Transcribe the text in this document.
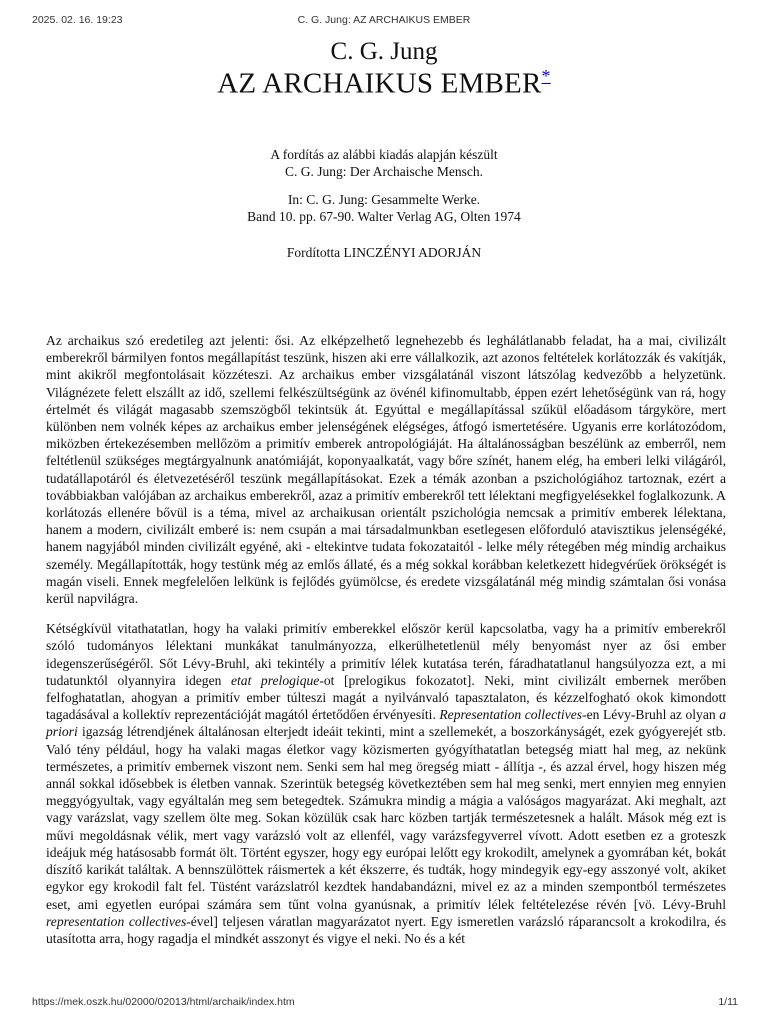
2025. 02. 16. 19:23	C. G. Jung: AZ ARCHAIKUS EMBER
C. G. Jung
AZ ARCHAIKUS EMBER*
A fordítás az alábbi kiadás alapján készült
C. G. Jung: Der Archaische Mensch.
In: C. G. Jung: Gesammelte Werke.
Band 10. pp. 67-90. Walter Verlag AG, Olten 1974
Fordította LINCZÉNYI ADORJÁN

Az archaikus szó eredetileg azt jelenti: ősi. Az elképzelhető legnehezebb és leghálátlanabb feladat, ha a mai, civilizált emberekről bármilyen fontos megállapítást teszünk, hiszen aki erre vállalkozik, azt azonos feltételek korlátozzák és vakítják, mint akikről megfontolásait közzéteszi. Az archaikus ember vizsgálatánál viszont látszólag kedvezőbb a helyzetünk. Világnézete felett elszállt az idő, szellemi felkészültségünk az övénél kifinomultabb, éppen ezért lehetőségünk van rá, hogy értelmét és világát magasabb szemszögből tekintsük át. Egyúttal e megállapítással szűkül előadásom tárgyköre, mert különben nem volnék képes az archaikus ember jelenségének elégséges, átfogó ismertetésére. Ugyanis erre korlátozódom, miközben értekezésemben mellőzöm a primitív emberek antropológiáját. Ha általánosságban beszélünk az emberről, nem feltétlenül szükséges megtárgyalnunk anatómiáját, koponyaalkatát, vagy bőre színét, hanem elég, ha emberi lelki világáról, tudatállapotáról és életvezetéséről teszünk megállapításokat. Ezek a témák azonban a pszichológiához tartoznak, ezért a továbbiakban valójában az archaikus emberekről, azaz a primitív emberekről tett lélektani megfigyelésekkel foglalkozunk. A korlátozás ellenére bővül is a téma, mivel az archaikusan orientált pszichológia nemcsak a primitív emberek lélektana, hanem a modern, civilizált emberé is: nem csupán a mai társadalmunkban esetlegesen előforduló atavisztikus jelenségéké, hanem nagyjából minden civilizált egyéné, aki - eltekintve tudata fokozataitól - lelke mély rétegében még mindig archaikus személy. Megállapították, hogy testünk még az emlős állaté, és a még sokkal korábban keletkezett hidegvérűek örökségét is magán viseli. Ennek megfelelően lelkünk is fejlődés gyümölcse, és eredete vizsgálatánál még mindig számtalan ősi vonása kerül napvilágra.

Kétségkívül vitathatatlan, hogy ha valaki primitív emberekkel először kerül kapcsolatba, vagy ha a primitív emberekről szóló tudományos lélektani munkákat tanulmányozza, elkerülhetetlenül mély benyomást nyer az ősi ember idegenszerűségéről. Sőt Lévy-Bruhl, aki tekintély a primitív lélek kutatása terén, fáradhatatlanul hangsúlyozza ezt, a mi tudatunktól olyannyira idegen etat prelogique-ot [prelogikus fokozatot]. Neki, mint civilizált embernek merőben felfoghatatlan, ahogyan a primitív ember túlteszi magát a nyilvánvaló tapasztalaton, és kézzelfogható okok kimondott tagadásával a kollektív reprezentációját magától értetődően érvényesíti. Representation collectives-en Lévy-Bruhl az olyan a priori igazság létrendjének általánosan elterjedt ideáit tekinti, mint a szellemekét, a boszorkányságét, ezek gyógyerejét stb. Való tény például, hogy ha valaki magas életkor vagy közismerten gyógyíthatatlan betegség miatt hal meg, az nekünk természetes, a primitív embernek viszont nem. Senki sem hal meg öregség miatt - állítja -, és azzal érvel, hogy hiszen még annál sokkal idősebbek is életben vannak. Szerintük betegség következtében sem hal meg senki, mert ennyien meg ennyien meggyógyultak, vagy egyáltalán meg sem betegedtek. Számukra mindig a mágia a valóságos magyarázat. Aki meghalt, azt vagy varázslat, vagy szellem ölte meg. Sokan közülük csak harc közben tartják természetesnek a halált. Mások még ezt is művi megoldásnak vélik, mert vagy varázsló volt az ellenfél, vagy varázsfegyverrel vívott. Adott esetben ez a groteszk ideájuk még hatásosabb formát ölt. Történt egyszer, hogy egy európai lelőtt egy krokodilt, amelynek a gyomrában két, bokát díszítő karikát találtak. A bennszülöttek ráismertek a két ékszerre, és tudták, hogy mindegyik egy-egy asszonyé volt, akiket egykor egy krokodil falt fel. Tüstént varázslatról kezdtek handabandázni, mivel ez az a minden szempontból természetes eset, ami egyetlen európai számára sem tűnt volna gyanúsnak, a primitív lélek feltételezése révén [vö. Lévy-Bruhl representation collectives-ével] teljesen váratlan magyarázatot nyert. Egy ismeretlen varázsló ráparancsolt a krokodilra, és utasította arra, hogy ragadja el mindkét asszonyt és vigye el neki. No és a két

https://mek.oszk.hu/02000/02013/html/archaik/index.htm	1/11
